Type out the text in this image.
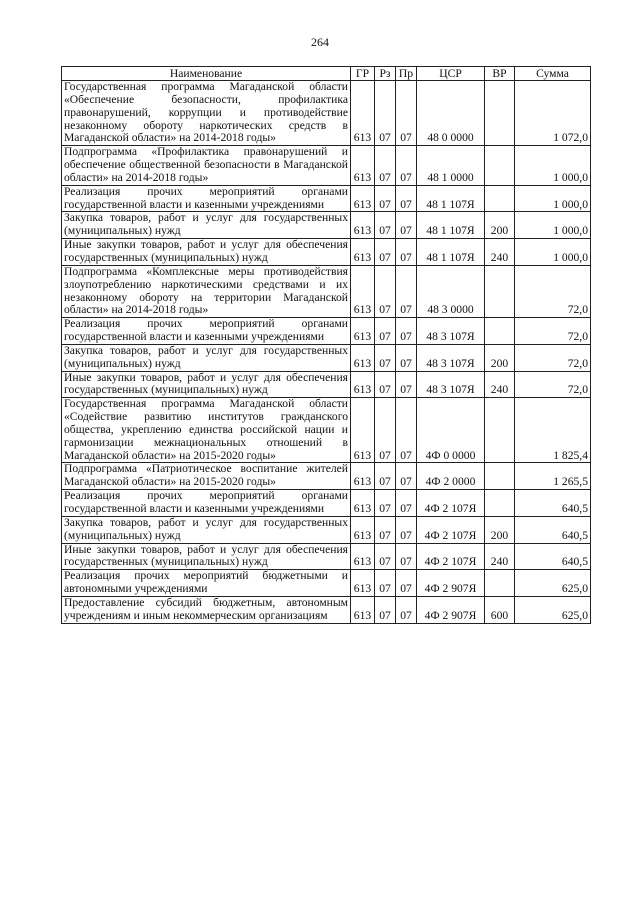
264
Наименование	ГР	Рз	Пр	ЦСР	ВР	Сумма
Государственная программа Магаданской области «Обеспечение безопасности, профилактика правонарушений, коррупции и противодействие незаконному обороту наркотических средств в Магаданской области» на 2014-2018 годы»	613	07	07	48 0 0000		1 072,0
Подпрограмма «Профилактика правонарушений и обеспечение общественной безопасности в Магаданской области» на 2014-2018 годы»	613	07	07	48 1 0000		1 000,0
Реализация прочих мероприятий органами государственной власти и казенными учреждениями	613	07	07	48 1 107Я		1 000,0
Закупка товаров, работ и услуг для государственных (муниципальных) нужд	613	07	07	48 1 107Я	200	1 000,0
Иные закупки товаров, работ и услуг для обеспечения государственных (муниципальных) нужд	613	07	07	48 1 107Я	240	1 000,0
Подпрограмма «Комплексные меры противодействия злоупотреблению наркотическими средствами и их незаконному обороту на территории Магаданской области» на 2014-2018 годы»	613	07	07	48 3 0000		72,0
Реализация прочих мероприятий органами государственной власти и казенными учреждениями	613	07	07	48 3 107Я		72,0
Закупка товаров, работ и услуг для государственных (муниципальных) нужд	613	07	07	48 3 107Я	200	72,0
Иные закупки товаров, работ и услуг для обеспечения государственных (муниципальных) нужд	613	07	07	48 3 107Я	240	72,0
Государственная программа Магаданской области «Содействие развитию институтов гражданского общества, укреплению единства российской нации и гармонизации межнациональных отношений в Магаданской области» на 2015-2020 годы»	613	07	07	4Ф 0 0000		1 825,4
Подпрограмма «Патриотическое воспитание жителей Магаданской области» на 2015-2020 годы»	613	07	07	4Ф 2 0000		1 265,5
Реализация прочих мероприятий органами государственной власти и казенными учреждениями	613	07	07	4Ф 2 107Я		640,5
Закупка товаров, работ и услуг для государственных (муниципальных) нужд	613	07	07	4Ф 2 107Я	200	640,5
Иные закупки товаров, работ и услуг для обеспечения государственных (муниципальных) нужд	613	07	07	4Ф 2 107Я	240	640,5
Реализация прочих мероприятий бюджетными и автономными учреждениями	613	07	07	4Ф 2 907Я		625,0
Предоставление субсидий бюджетным, автономным учреждениям и иным некоммерческим организациям	613	07	07	4Ф 2 907Я	600	625,0
